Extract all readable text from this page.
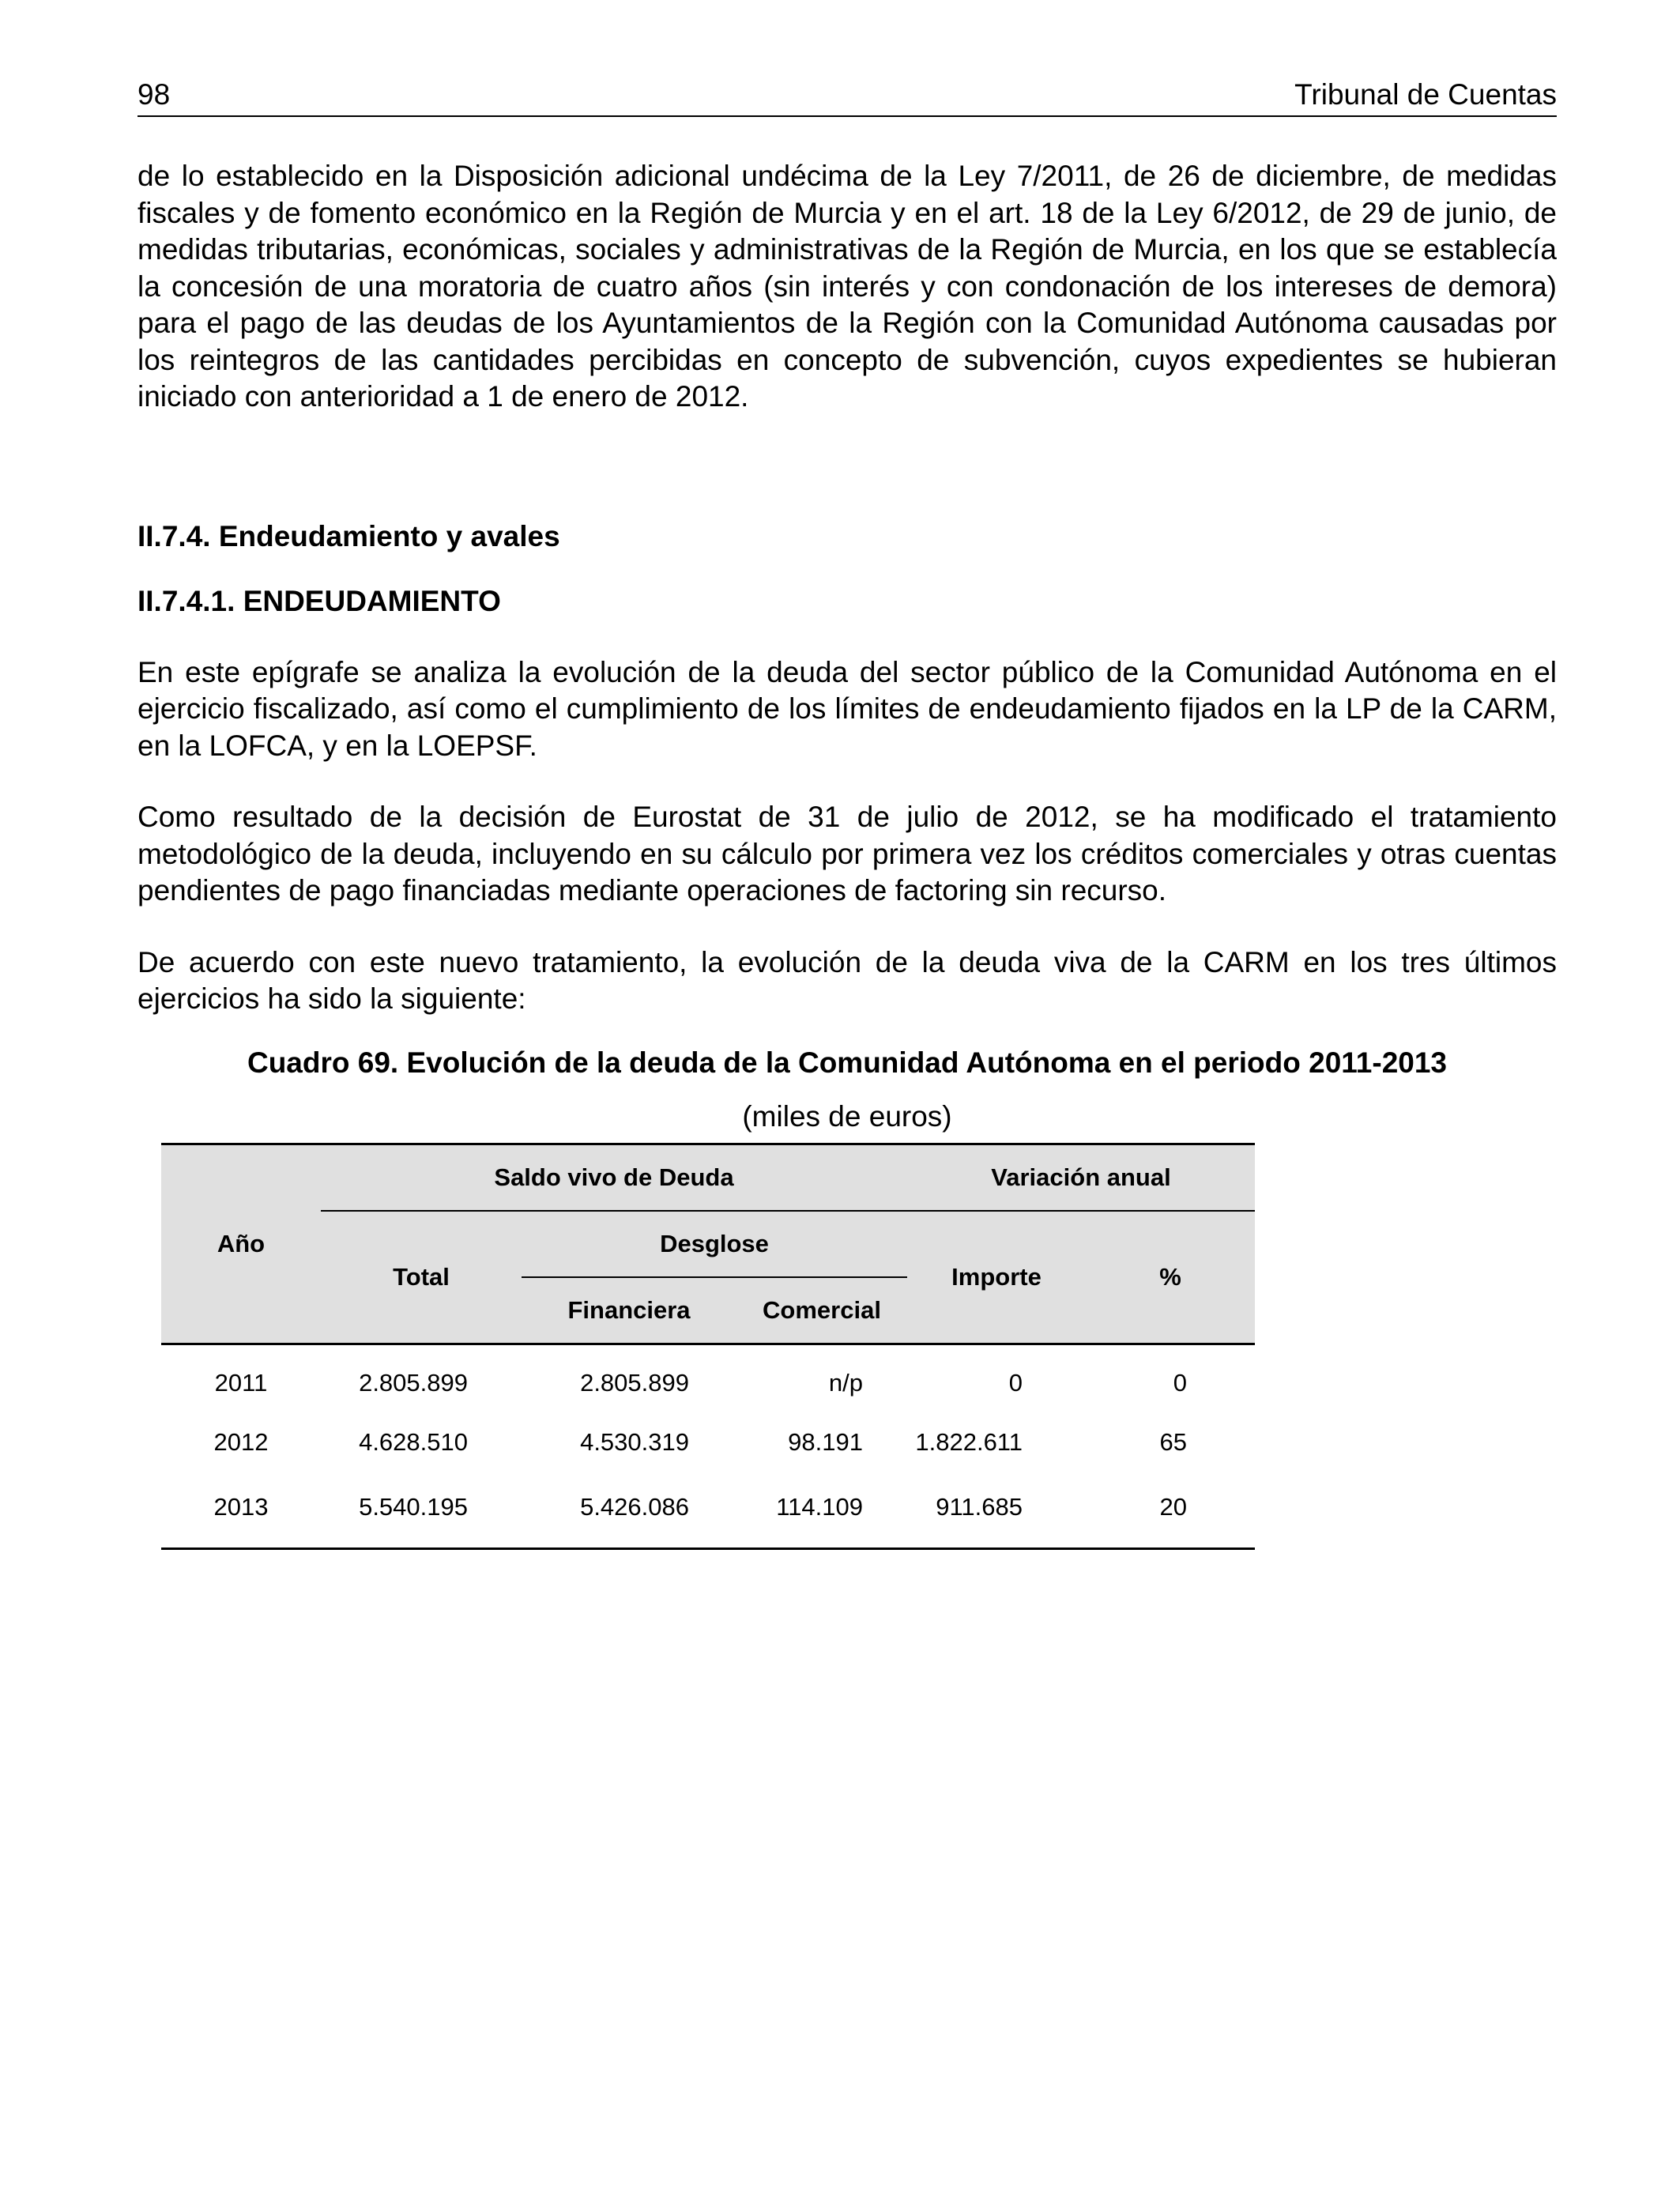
98	Tribunal de Cuentas

de lo establecido en la Disposición adicional undécima de la Ley 7/2011, de 26 de diciembre, de medidas fiscales y de fomento económico en la Región de Murcia y en el art. 18 de la Ley 6/2012, de 29 de junio, de medidas tributarias, económicas, sociales y administrativas de la Región de Murcia, en los que se establecía la concesión de una moratoria de cuatro años (sin interés y con condonación de los intereses de demora) para el pago de las deudas de los Ayuntamientos de la Región con la Comunidad Autónoma causadas por los reintegros de las cantidades percibidas en concepto de subvención, cuyos expedientes se hubieran iniciado con anterioridad a 1 de enero de 2012.

II.7.4. Endeudamiento y avales
II.7.4.1. ENDEUDAMIENTO

En este epígrafe se analiza la evolución de la deuda del sector público de la Comunidad Autónoma en el ejercicio fiscalizado, así como el cumplimiento de los límites de endeudamiento fijados en la LP de la CARM, en la LOFCA, y en la LOEPSF.

Como resultado de la decisión de Eurostat de 31 de julio de 2012, se ha modificado el tratamiento metodológico de la deuda, incluyendo en su cálculo por primera vez los créditos comerciales y otras cuentas pendientes de pago financiadas mediante operaciones de factoring sin recurso.

De acuerdo con este nuevo tratamiento, la evolución de la deuda viva de la CARM en los tres últimos ejercicios ha sido la siguiente:

Cuadro 69. Evolución de la deuda de la Comunidad Autónoma en el periodo 2011-2013
(miles de euros)
Año	Saldo vivo de Deuda			Variación anual	
	Total	Desglose		Importe	%
		Financiera	Comercial		
2011	2.805.899	2.805.899	n/p	0	0
2012	4.628.510	4.530.319	98.191	1.822.611	65
2013	5.540.195	5.426.086	114.109	911.685	20
